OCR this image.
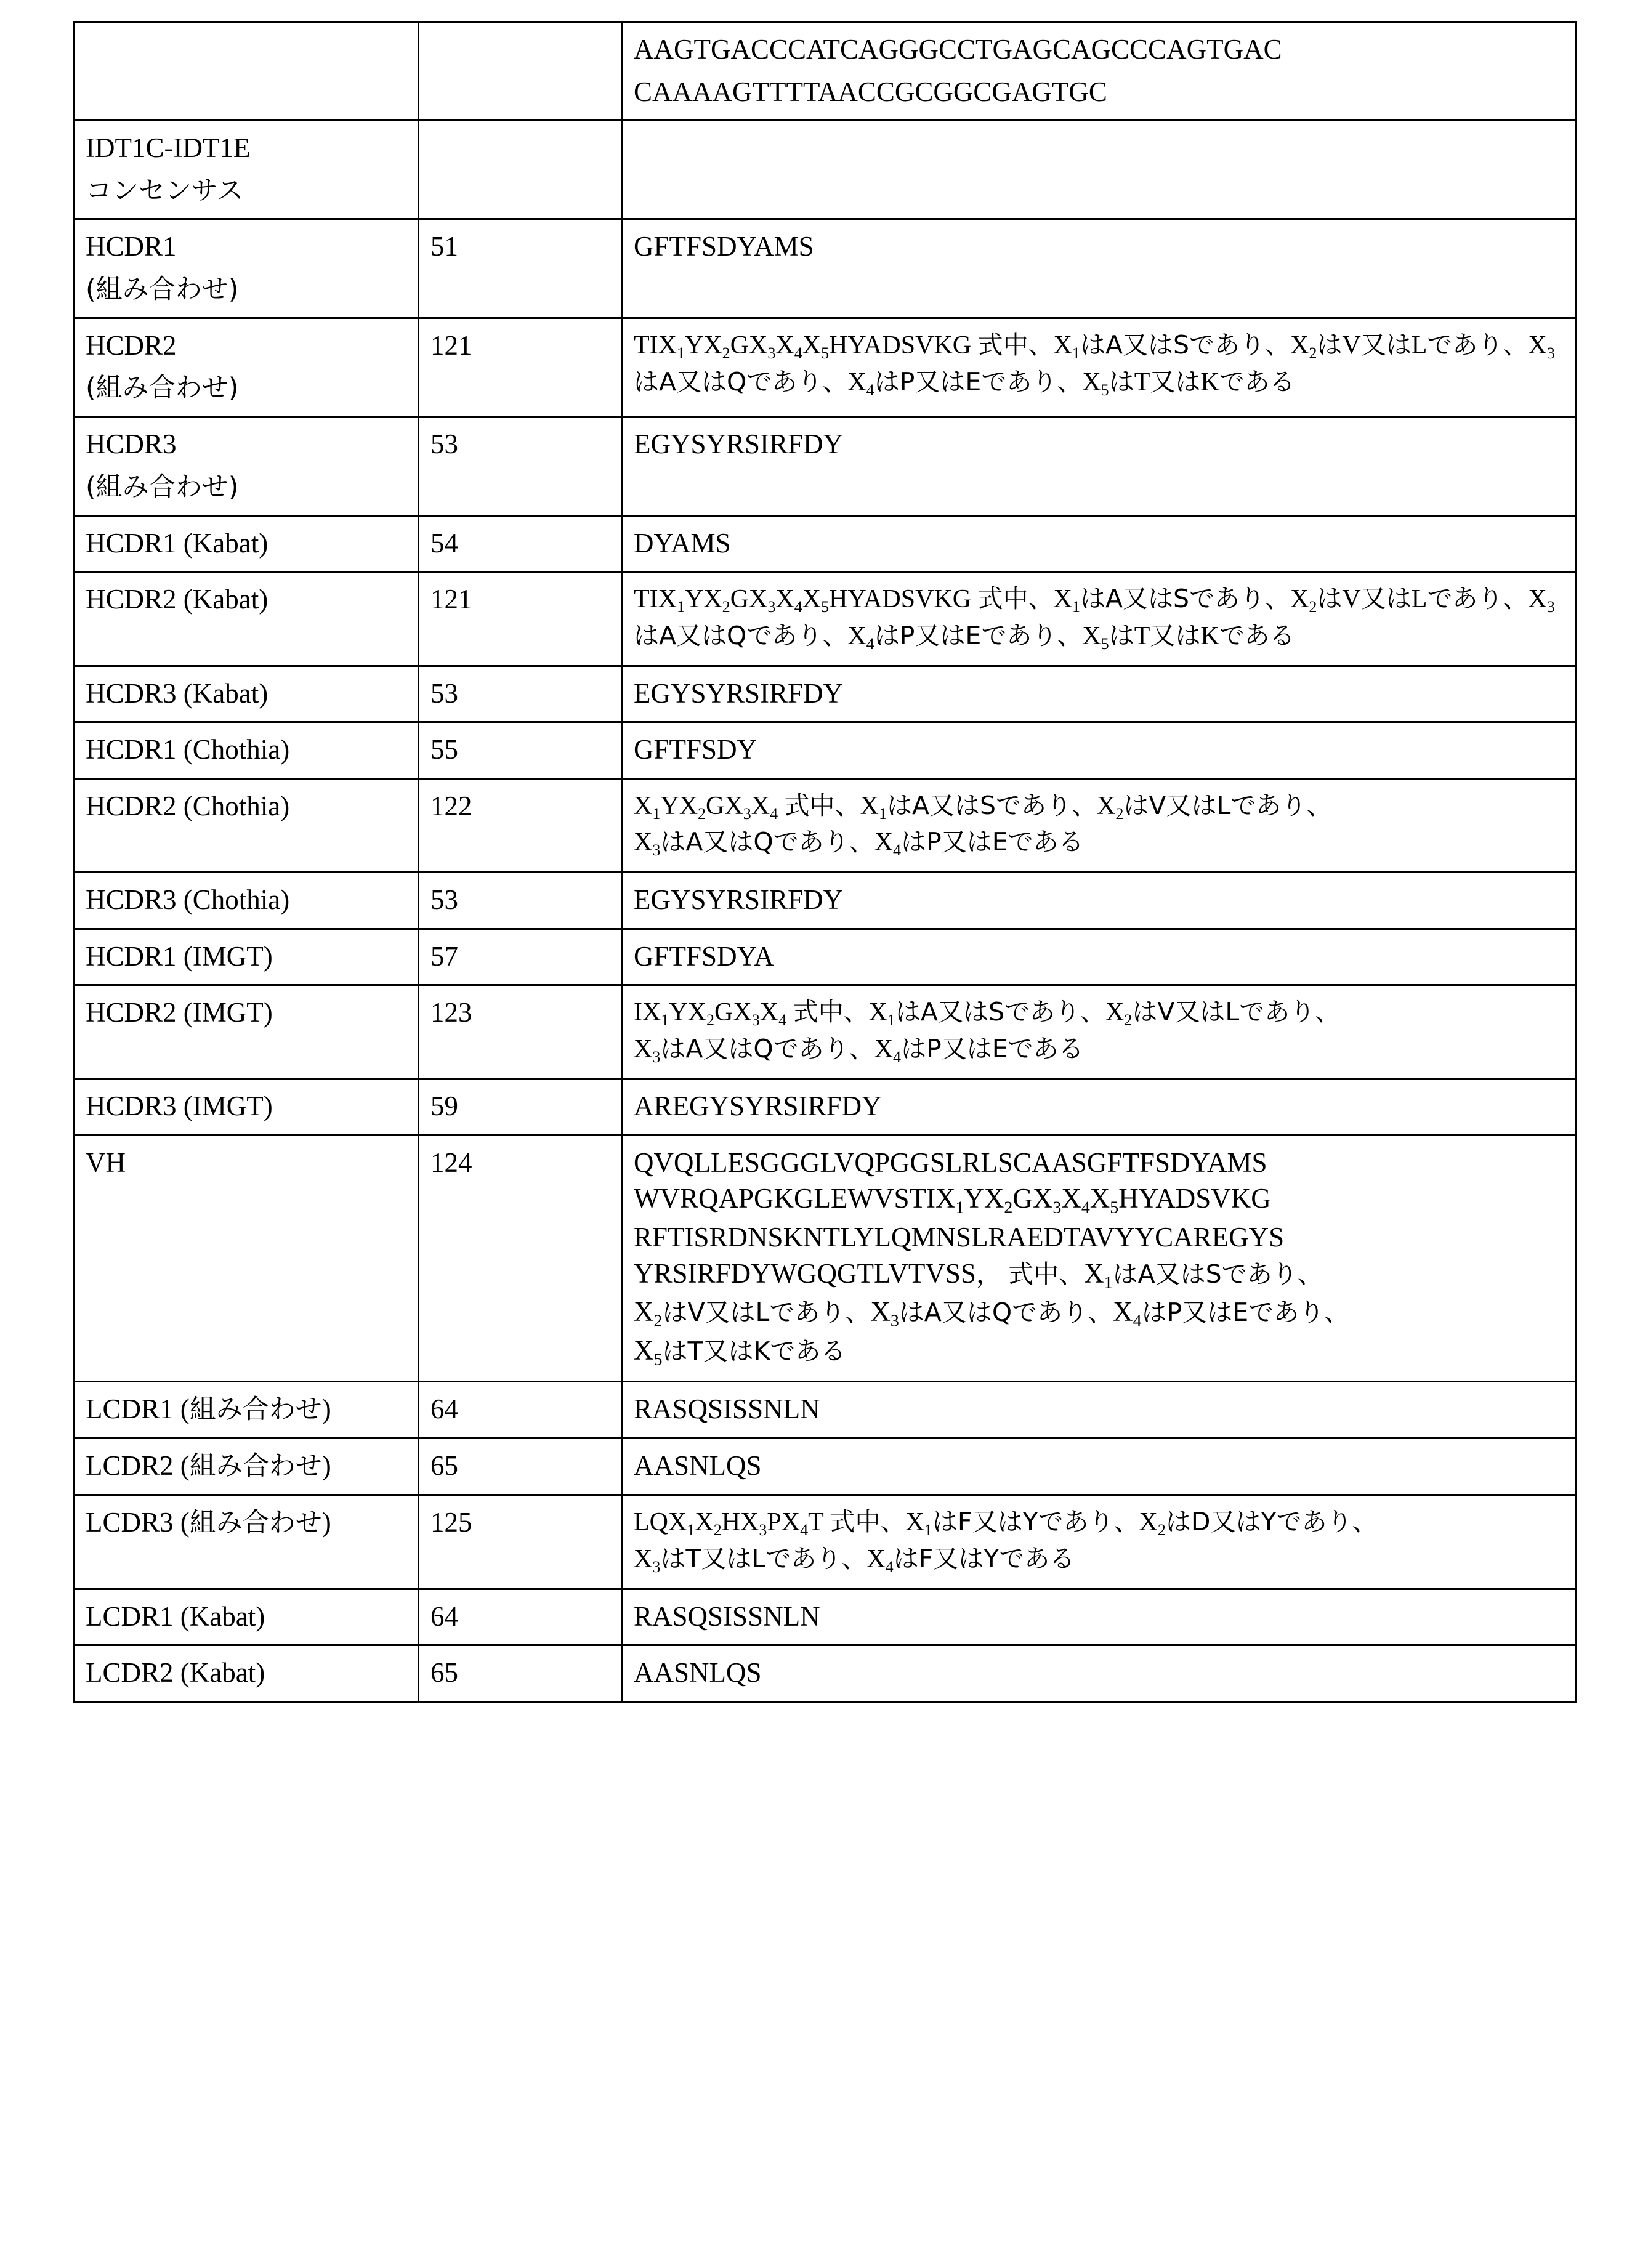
		AAGTGACCCATCAGGGCCTGAGCAGCCCAGTGAC
CAAAAGTTTTAACCGCGGCGAGTGC

IDT1C-IDT1E
コンセンサス		

HCDR1
(組み合わせ)	51	GFTFSDYAMS
HCDR2
(組み合わせ)	121	$TIX_1YX_2GX_3X_4X_5HYADSVKG$ 式中、$X_1$はA又はSであり、$X_2$はV又はLであり、$X_3$はA又はQであり、$X_4$はP又はEであり、$X_5$はT又はKである
HCDR3
(組み合わせ)	53	EGYSYRSIRFDY
HCDR1 (Kabat)	54	DYAMS
HCDR2 (Kabat)	121	$TIX_1YX_2GX_3X_4X_5HYADSVKG$ 式中、$X_1$はA又はSであり、$X_2$はV又はLであり、$X_3$はA又はQであり、$X_4$はP又はEであり、$X_5$はT又はKである
HCDR3 (Kabat)	53	EGYSYRSIRFDY
HCDR1 (Chothia)	55	GFTFSDY
HCDR2 (Chothia)	122	$X_1YX_2GX_3X_4$ 式中、$X_1$はA又はSであり、$X_2$はV又はLであり、
$X_3$はA又はQであり、$X_4$はP又はEである
HCDR3 (Chothia)	53	EGYSYRSIRFDY
HCDR1 (IMGT)	57	GFTFSDYA
HCDR2 (IMGT)	123	$IX_1YX_2GX_3X_4$ 式中、$X_1$はA又はSであり、$X_2$はV又はLであり、
$X_3$はA又はQであり、$X_4$はP又はEである
HCDR3 (IMGT)	59	AREGYSYRSIRFDY
VH	124	QVQLLESGGGLVQPGGSLRLSCAASGFTFSDYAMS
$WVRQAPGKGLEWVSTIX_1YX_2GX_3X_4X_5HYADSVKG$
RFTISRDNSKNTLYLQMNSLRAEDTAVYYCAREGYS
YRSIRFDYWGQGTLVTVSS， 式中、$X_1$はA又はSであり、
$X_2$はV又はLであり、$X_3$はA又はQであり、$X_4$はP又はEであり、
$X_5$はT又はKである
LCDR1 (組み合わせ)	64	RASQSISSNLN
LCDR2 (組み合わせ)	65	AASNLQS
LCDR3 (組み合わせ)	125	$LQX_1X_2HX_3PX_4T$ 式中、$X_1$はF又はYであり、$X_2$はD又はYであり、
$X_3$はT又はLであり、$X_4$はF又はYである
LCDR1 (Kabat)	64	RASQSISSNLN
LCDR2 (Kabat)	65	AASNLQS
